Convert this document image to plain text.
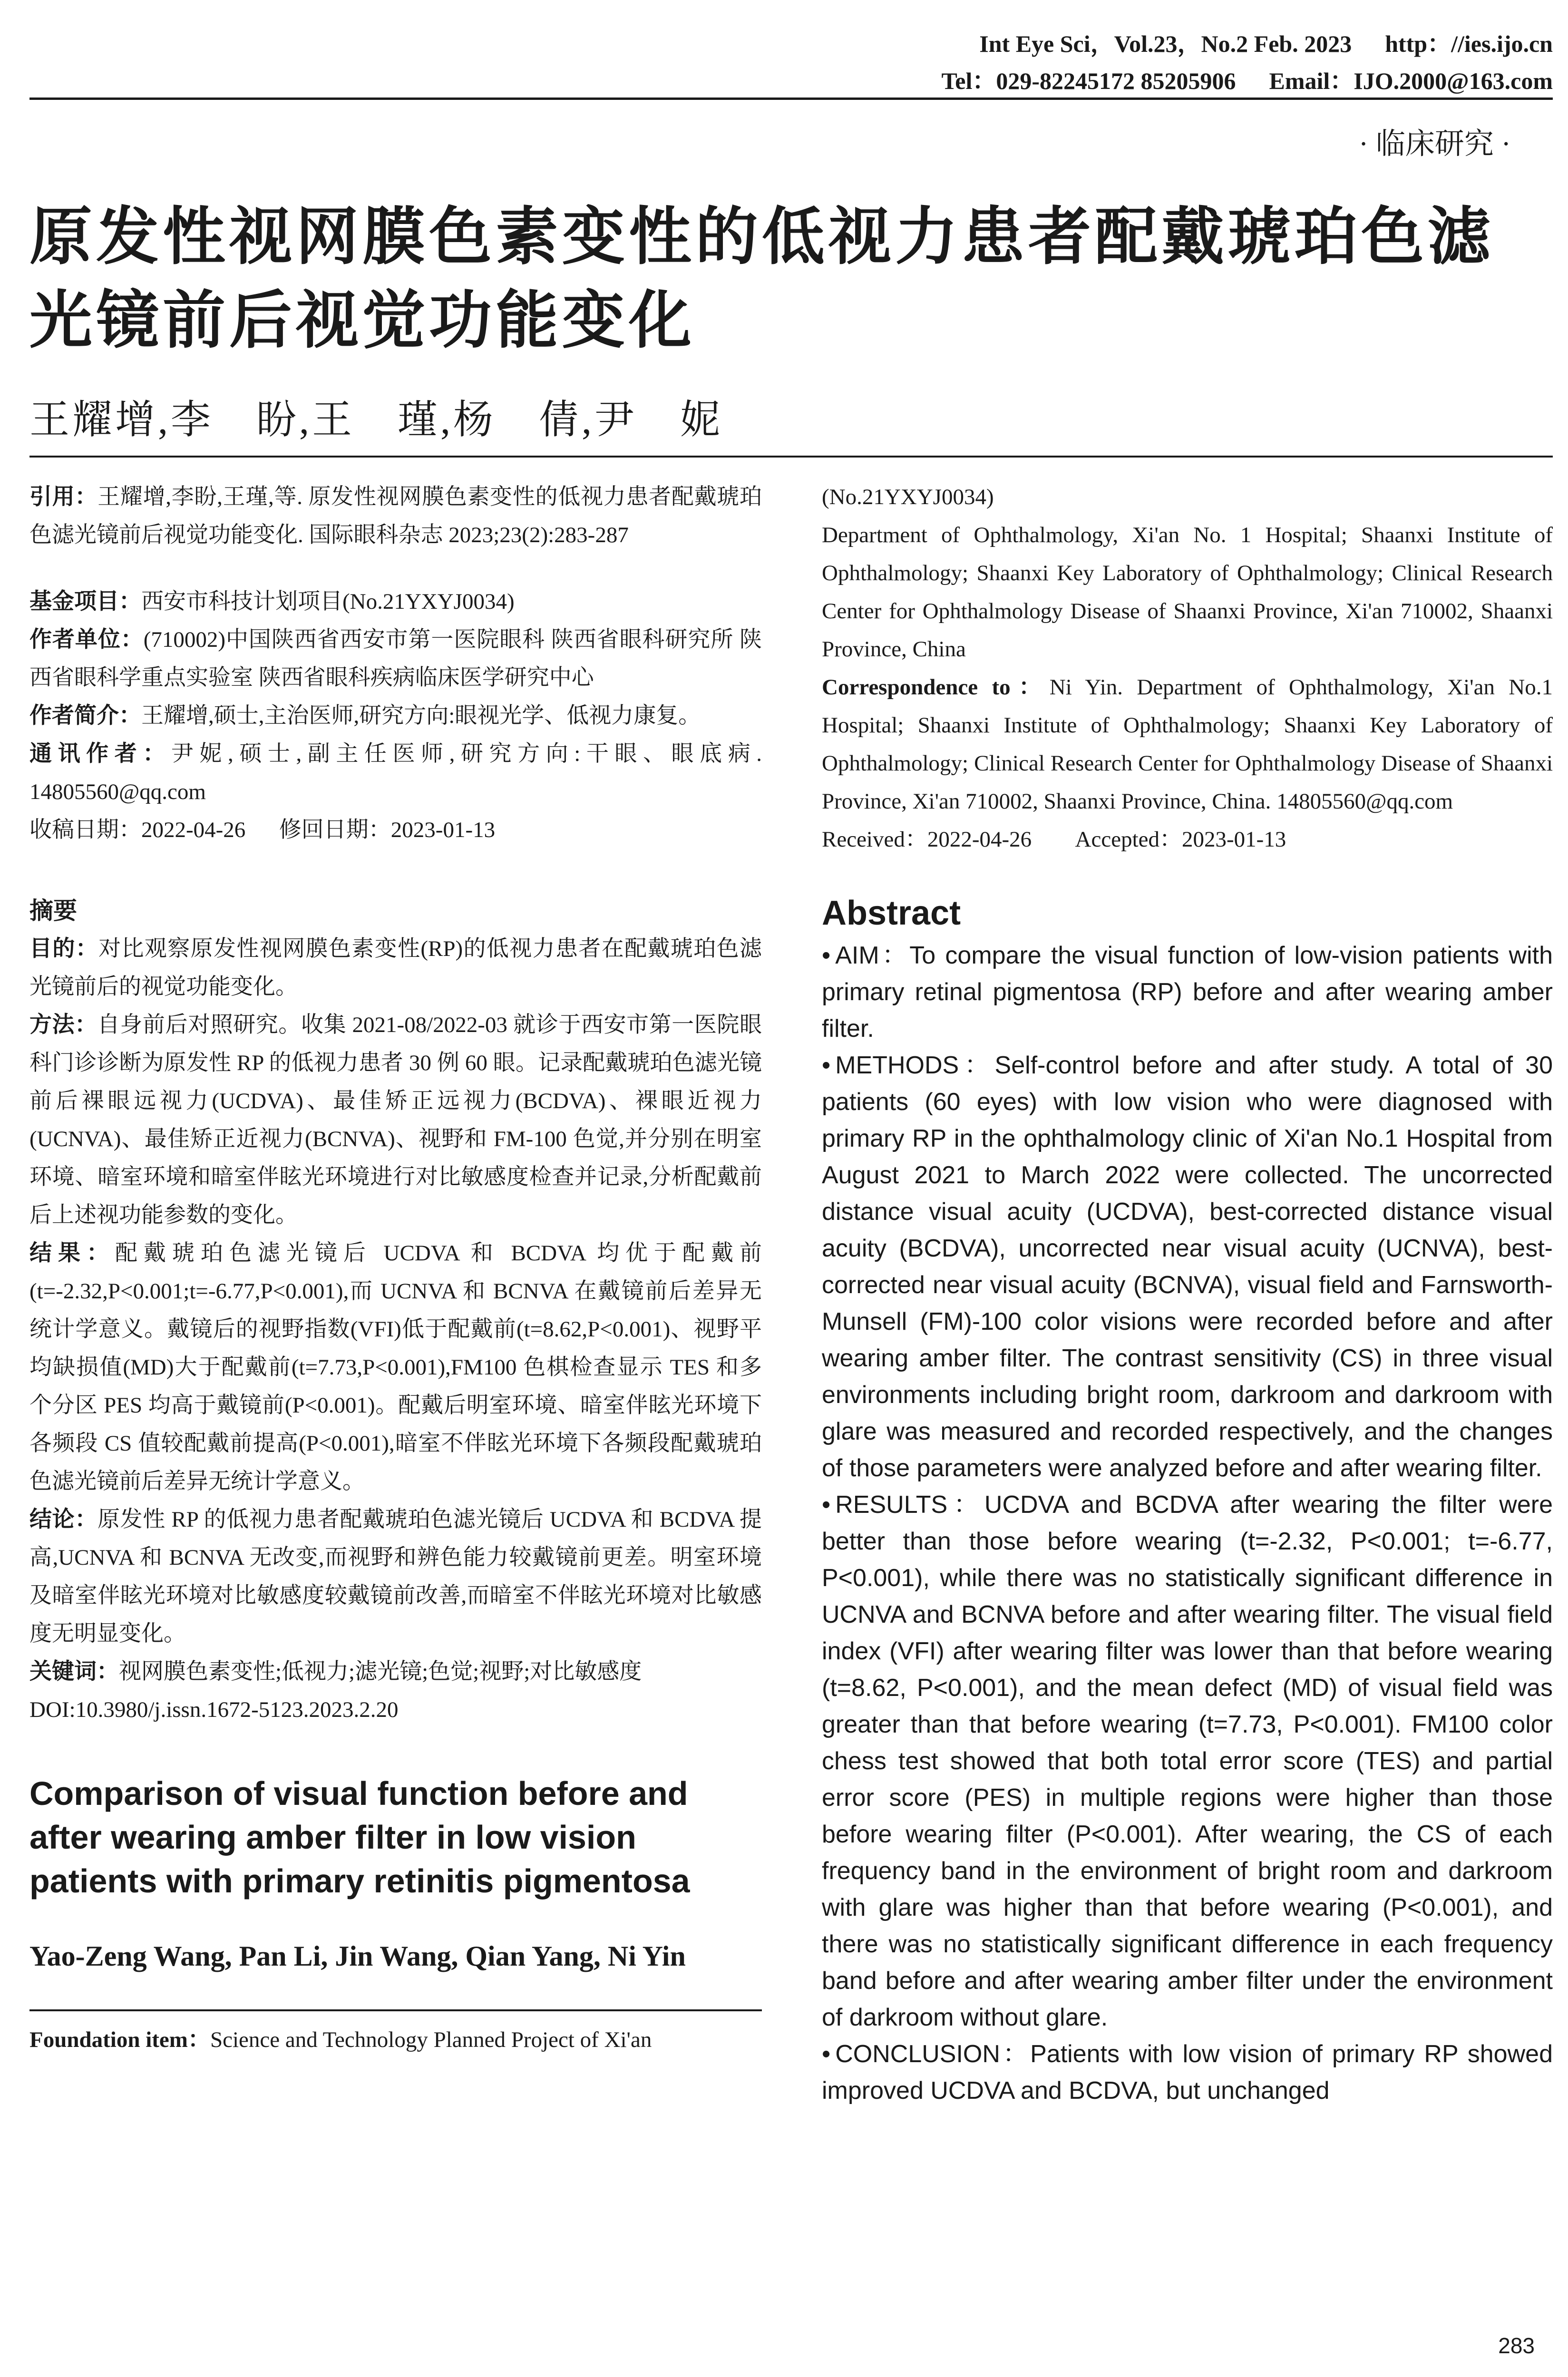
Int Eye Sci，Vol.23，No.2 Feb. 2023 http：//ies.ijo.cn
Tel：029-82245172 85205906 Email：IJO.2000@163.com
· 临床研究 ·
原发性视网膜色素变性的低视力患者配戴琥珀色滤光镜前后视觉功能变化
王耀增,李　盼,王　瑾,杨　倩,尹　妮

引用：王耀增,李盼,王瑾,等. 原发性视网膜色素变性的低视力患者配戴琥珀色滤光镜前后视觉功能变化. 国际眼科杂志 2023;23(2):283-287

基金项目：西安市科技计划项目(No.21YXYJ0034)

作者单位：(710002)中国陕西省西安市第一医院眼科 陕西省眼科研究所 陕西省眼科学重点实验室 陕西省眼科疾病临床医学研究中心

作者简介：王耀增,硕士,主治医师,研究方向:眼视光学、低视力康复。

通讯作者：尹妮,硕士,副主任医师,研究方向:干眼、眼底病. 14805560@qq.com

收稿日期：2022-04-26      修回日期：2023-01-13

摘要

目的：对比观察原发性视网膜色素变性(RP)的低视力患者在配戴琥珀色滤光镜前后的视觉功能变化。

方法：自身前后对照研究。收集 2021-08/2022-03 就诊于西安市第一医院眼科门诊诊断为原发性 RP 的低视力患者 30 例 60 眼。记录配戴琥珀色滤光镜前后裸眼远视力(UCDVA)、最佳矫正远视力(BCDVA)、裸眼近视力(UCNVA)、最佳矫正近视力(BCNVA)、视野和 FM-100 色觉,并分别在明室环境、暗室环境和暗室伴眩光环境进行对比敏感度检查并记录,分析配戴前后上述视功能参数的变化。

结果：配戴琥珀色滤光镜后 UCDVA 和 BCDVA 均优于配戴前(t=-2.32,P<0.001;t=-6.77,P<0.001),而 UCNVA 和 BCNVA 在戴镜前后差异无统计学意义。戴镜后的视野指数(VFI)低于配戴前(t=8.62,P<0.001)、视野平均缺损值(MD)大于配戴前(t=7.73,P<0.001),FM100 色棋检查显示 TES 和多个分区 PES 均高于戴镜前(P<0.001)。配戴后明室环境、暗室伴眩光环境下各频段 CS 值较配戴前提高(P<0.001),暗室不伴眩光环境下各频段配戴琥珀色滤光镜前后差异无统计学意义。

结论：原发性 RP 的低视力患者配戴琥珀色滤光镜后 UCDVA 和 BCDVA 提高,UCNVA 和 BCNVA 无改变,而视野和辨色能力较戴镜前更差。明室环境及暗室伴眩光环境对比敏感度较戴镜前改善,而暗室不伴眩光环境对比敏感度无明显变化。

关键词：视网膜色素变性;低视力;滤光镜;色觉;视野;对比敏感度

DOI:10.3980/j.issn.1672-5123.2023.2.20

Comparison of visual function before and after wearing amber filter in low vision patients with primary retinitis pigmentosa

Yao-Zeng Wang, Pan Li, Jin Wang, Qian Yang, Ni Yin

Foundation item：Science and Technology Planned Project of Xi'an

(No.21YXYJ0034)

Department of Ophthalmology, Xi'an No. 1 Hospital; Shaanxi Institute of Ophthalmology; Shaanxi Key Laboratory of Ophthalmology; Clinical Research Center for Ophthalmology Disease of Shaanxi Province, Xi'an 710002, Shaanxi Province, China

Correspondence to：Ni Yin. Department of Ophthalmology, Xi'an No.1 Hospital; Shaanxi Institute of Ophthalmology; Shaanxi Key Laboratory of Ophthalmology; Clinical Research Center for Ophthalmology Disease of Shaanxi Province, Xi'an 710002, Shaanxi Province, China. 14805560@qq.com

Received：2022-04-26        Accepted：2023-01-13

Abstract

• AIM：To compare the visual function of low-vision patients with primary retinal pigmentosa (RP) before and after wearing amber filter.

• METHODS：Self-control before and after study. A total of 30 patients (60 eyes) with low vision who were diagnosed with primary RP in the ophthalmology clinic of Xi'an No.1 Hospital from August 2021 to March 2022 were collected. The uncorrected distance visual acuity (UCDVA), best-corrected distance visual acuity (BCDVA), uncorrected near visual acuity (UCNVA), best-corrected near visual acuity (BCNVA), visual field and Farnsworth-Munsell (FM)-100 color visions were recorded before and after wearing amber filter. The contrast sensitivity (CS) in three visual environments including bright room, darkroom and darkroom with glare was measured and recorded respectively, and the changes of those parameters were analyzed before and after wearing filter.

• RESULTS：UCDVA and BCDVA after wearing the filter were better than those before wearing (t=-2.32, P<0.001; t=-6.77, P<0.001), while there was no statistically significant difference in UCNVA and BCNVA before and after wearing filter. The visual field index (VFI) after wearing filter was lower than that before wearing (t=8.62, P<0.001), and the mean defect (MD) of visual field was greater than that before wearing (t=7.73, P<0.001). FM100 color chess test showed that both total error score (TES) and partial error score (PES) in multiple regions were higher than those before wearing filter (P<0.001). After wearing, the CS of each frequency band in the environment of bright room and darkroom with glare was higher than that before wearing (P<0.001), and there was no statistically significant difference in each frequency band before and after wearing amber filter under the environment of darkroom without glare.

• CONCLUSION：Patients with low vision of primary RP showed improved UCDVA and BCDVA, but unchanged

283
